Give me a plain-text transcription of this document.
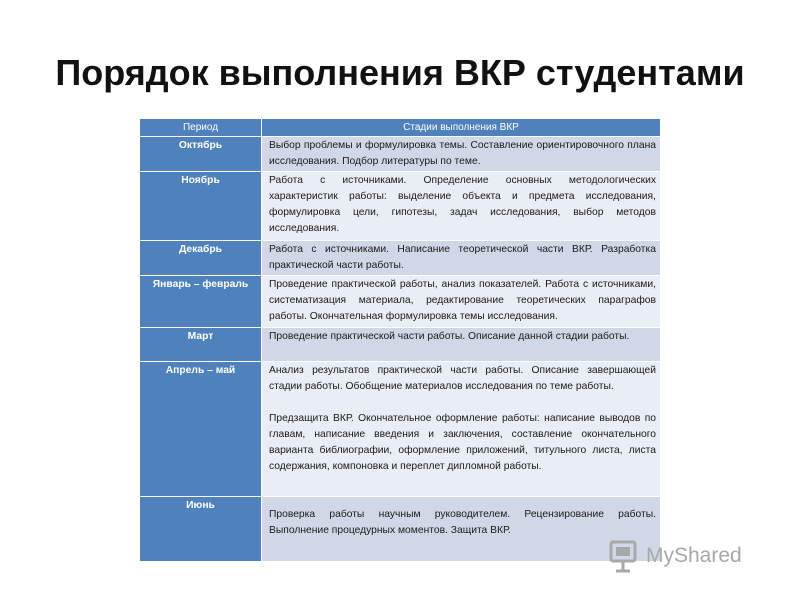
Порядок выполнения ВКР студентами
Период	Стадии выполнения ВКР
Октябрь	Выбор проблемы и формулировка темы. Составление ориентировочного плана исследования. Подбор литературы по теме.
Ноябрь	Работа с источниками. Определение основных методологических характеристик работы: выделение объекта и предмета исследования, формулировка цели, гипотезы, задач исследования, выбор методов исследования.
Декабрь	Работа с источниками. Написание теоретической части ВКР. Разработка практической части работы.
Январь – февраль	Проведение практической работы, анализ показателей. Работа с источниками, систематизация материала, редактирование теоретических параграфов работы. Окончательная формулировка темы исследования.
Март	Проведение практической части работы. Описание данной стадии работы.
Апрель – май	Анализ результатов практической части работы. Описание завершающей стадии работы. Обобщение материалов исследования по теме работы.

Предзащита ВКР. Окончательное оформление работы: написание выводов по главам, написание введения и заключения, составление окончательного варианта библиографии, оформление приложений, титульного листа, листа содержания, компоновка и переплет дипломной работы.

Июнь	Проверка работы научным руководителем. Рецензирование работы. Выполнение процедурных моментов. Защита ВКР.
MyShared
